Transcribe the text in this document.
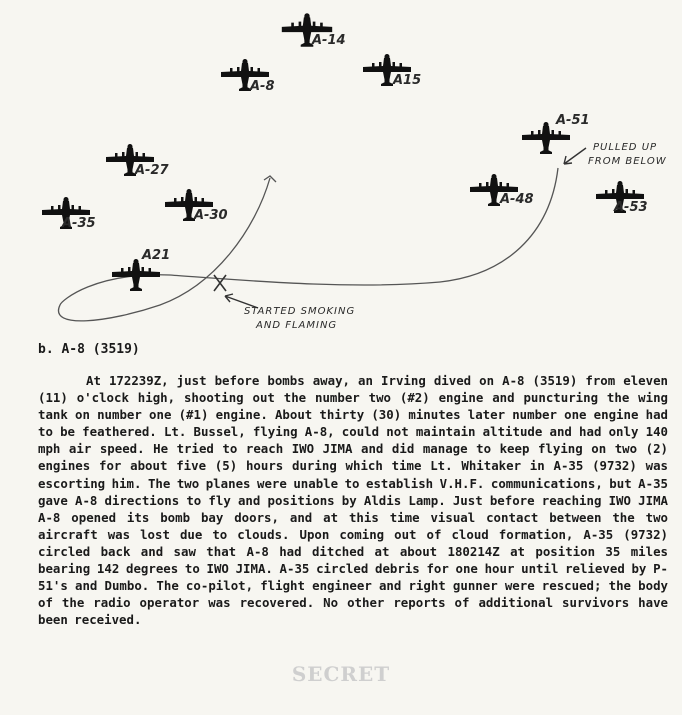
A-14
A-8	A15
A-51
A-27
A-48
A-53
A-30
A-35
A21
PULLED UP
FROM BELOW
STARTED SMOKING
AND FLAMING
b. A-8 (3519)

At 172239Z, just before bombs away, an Irving dived on A-8 (3519) from eleven (11) o'clock high, shooting out the number two (#2) engine and puncturing the wing tank on number one (#1) engine. About thirty (30) minutes later number one engine had to be feathered. Lt. Bussel, flying A-8, could not maintain altitude and had only 140 mph air speed. He tried to reach IWO JIMA and did manage to keep flying on two (2) engines for about five (5) hours during which time Lt. Whitaker in A-35 (9732) was escorting him. The two planes were unable to establish V.H.F. communications, but A-35 gave A-8 directions to fly and positions by Aldis Lamp. Just before reaching IWO JIMA A-8 opened its bomb bay doors, and at this time visual contact between the two aircraft was lost due to clouds. Upon coming out of cloud formation, A-35 (9732) circled back and saw that A-8 had ditched at about 180214Z at position 35 miles bearing 142 degrees to IWO JIMA. A-35 circled debris for one hour until relieved by P-51's and Dumbo. The co-pilot, flight engineer and right gunner were rescued; the body of the radio operator was recovered. No other reports of additional survivors have been received.

SECRET
